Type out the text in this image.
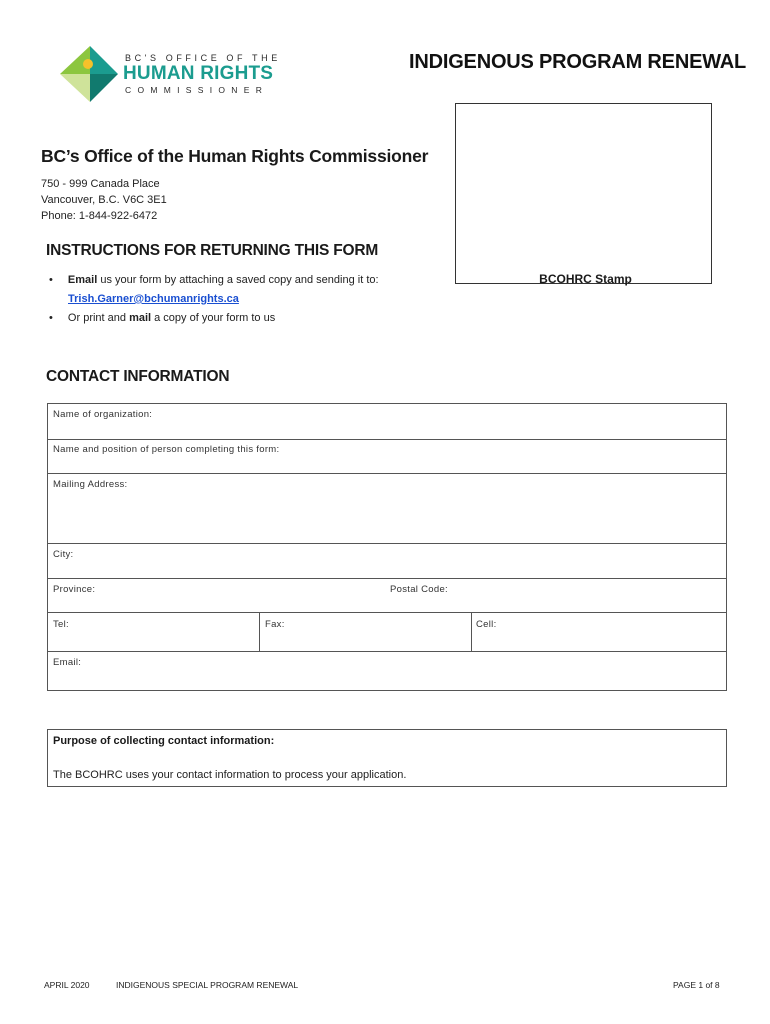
BC'S OFFICE OF THE
HUMAN RIGHTS
COMMISSIONER
INDIGENOUS PROGRAM RENEWAL
BCOHRC Stamp
BC’s Office of the Human Rights Commissioner
750 - 999 Canada Place
Vancouver, B.C. V6C 3E1
Phone: 1-844-922-6472
INSTRUCTIONS FOR RETURNING THIS FORM
• Email us your form by attaching a saved copy and sending it to:
Trish.Garner@bchumanrights.ca
• Or print and mail a copy of your form to us
CONTACT INFORMATION
Name of organization:
Name and position of person completing this form:
Mailing Address:
City:
Province:	Postal Code:
Tel:	Fax:	Cell:
Email:
Purpose of collecting contact information:
The BCOHRC uses your contact information to process your application.
APRIL 2020	INDIGENOUS SPECIAL PROGRAM RENEWAL	PAGE 1 of 8
